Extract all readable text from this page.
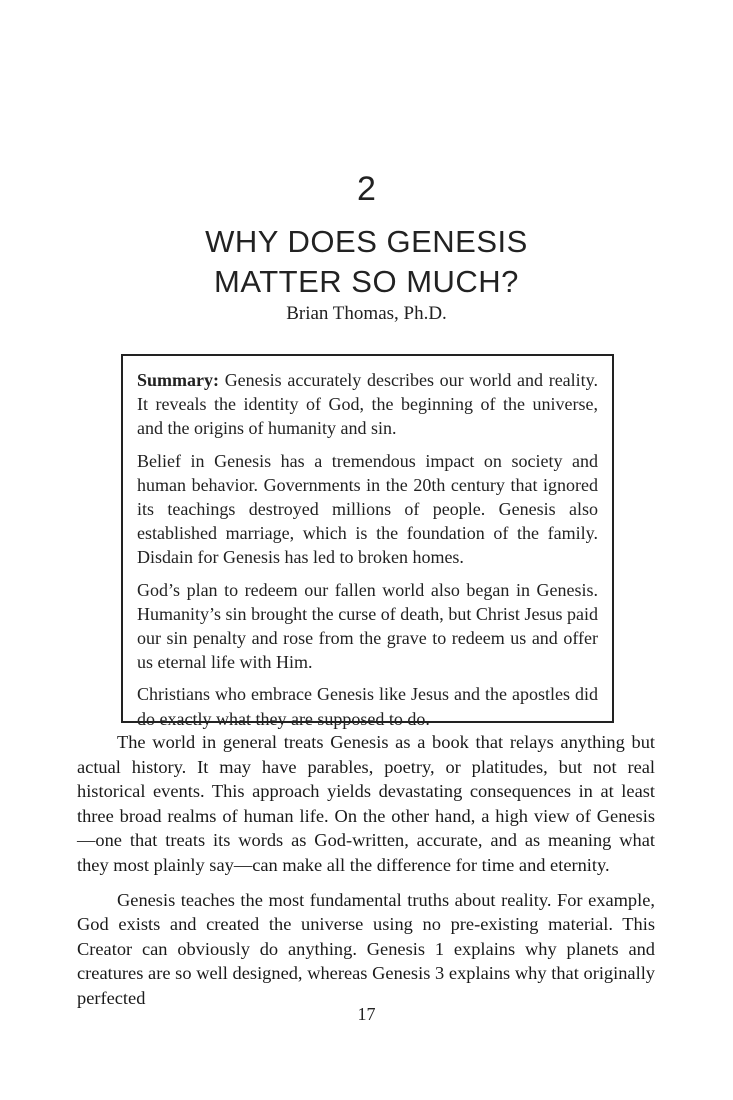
2
WHY DOES GENESIS
MATTER SO MUCH?
Brian Thomas, Ph.D.

Summary: Genesis accurately describes our world and reality. It reveals the identity of God, the beginning of the universe, and the origins of humanity and sin.

Belief in Genesis has a tremendous impact on society and human behavior. Governments in the 20th century that ignored its teachings destroyed millions of people. Genesis also established marriage, which is the foundation of the family. Disdain for Genesis has led to broken homes.

God’s plan to redeem our fallen world also began in Genesis. Humanity’s sin brought the curse of death, but Christ Jesus paid our sin penalty and rose from the grave to redeem us and offer us eternal life with Him.

Christians who embrace Genesis like Jesus and the apostles did do exactly what they are supposed to do.

The world in general treats Genesis as a book that relays anything but actual history. It may have parables, poetry, or platitudes, but not real historical events. This approach yields devastating consequences in at least three broad realms of human life. On the other hand, a high view of Genesis—one that treats its words as God-written, accurate, and as meaning what they most plainly say—can make all the difference for time and eternity.

Genesis teaches the most fundamental truths about reality. For example, God exists and created the universe using no pre-existing material. This Creator can obviously do anything. Genesis 1 explains why planets and creatures are so well designed, whereas Genesis 3 explains why that originally perfected

17
